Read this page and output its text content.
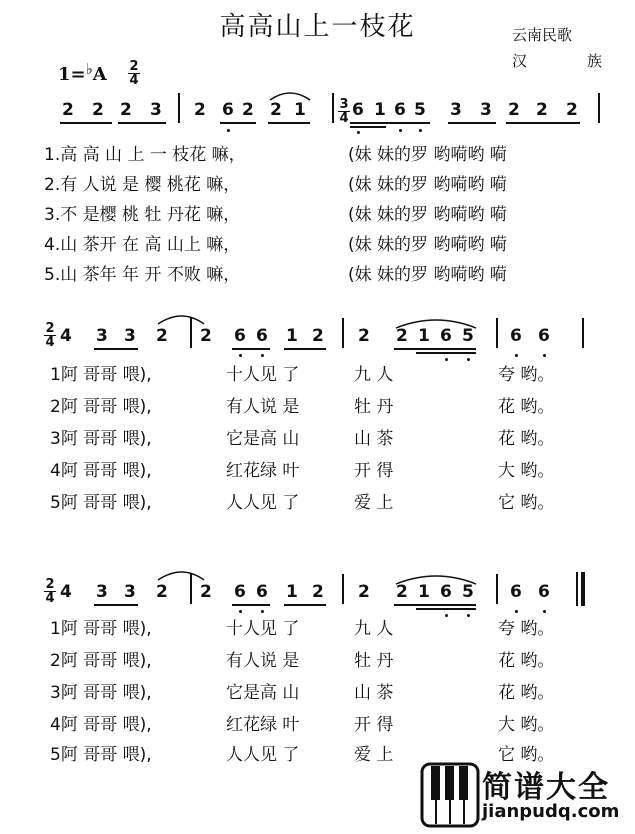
高高山上一枝花	云南民歌
汉	族
1=♭A 2
4
3
4
2 2 2 3 2 6 2 2 1	6 1 6 5 3 3 2 2 2
1.高 高 山 上 一 枝花 嘛，	(妹 妹的罗 哟嗬哟 嗬
2.有 人说 是 樱 桃花 嘛，	(妹 妹的罗 哟嗬哟 嗬
3.不 是樱 桃 牡 丹花 嘛，	(妹 妹的罗 哟嗬哟 嗬
4.山 茶开 在 高 山上 嘛，	(妹 妹的罗 哟嗬哟 嗬
5.山 茶年 年 开 不败 嘛，	(妹 妹的罗 哟嗬哟 嗬
2
4 4 3 3 2 2 6 6 1 2 2 2 1 6 5 6 6
1阿 哥哥 喂),	十人见 了	九 人	夸 哟。
2阿 哥哥 喂),	有人说 是	牡 丹	花 哟。
3阿 哥哥 喂),	它是高 山	山 茶	花 哟。
4阿 哥哥 喂),	红花绿 叶	开 得	大 哟。
5阿 哥哥 喂),	人人见 了	爱 上	它 哟。
2
4 4 3 3 2 2 6 6 1 2 2 2 1 6 5 6 6
1阿 哥哥 喂),	十人见 了	九 人	夸 哟。
2阿 哥哥 喂),	有人说 是	牡 丹	花 哟。
3阿 哥哥 喂),	它是高 山	山 茶	花 哟。
4阿 哥哥 喂),	红花绿 叶	开 得	大 哟。
5阿 哥哥 喂),	人人见 了	爱 上	它 哟。
简谱大全
jianpudq.com
